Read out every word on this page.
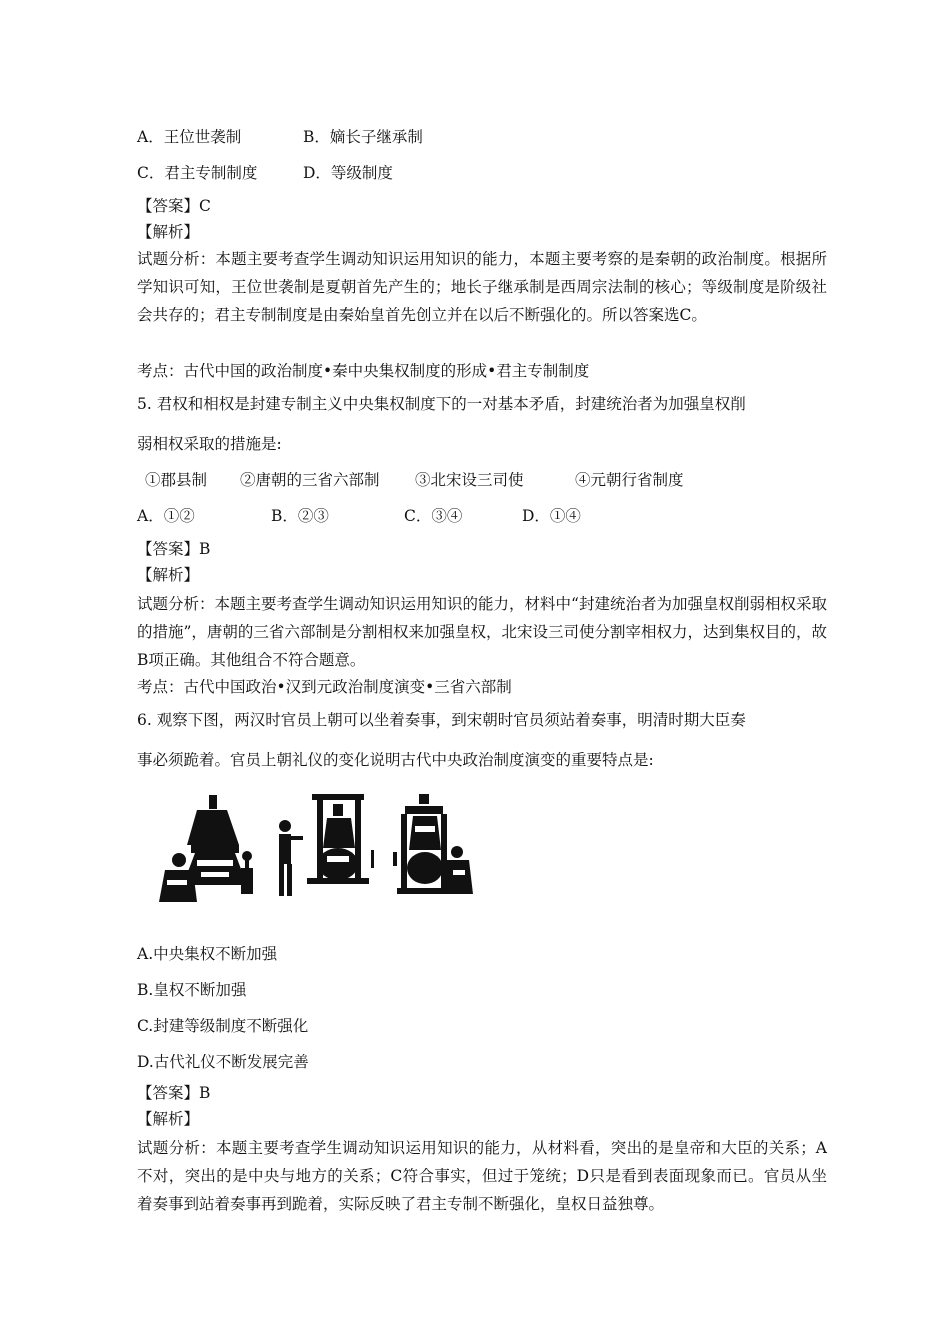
A．王位世袭制	B．嫡长子继承制
C．君主专制制度	D．等级制度
【答案】C
【解析】
试题分析：本题主要考查学生调动知识运用知识的能力，本题主要考察的是秦朝的政治制度。根据所学知识可知，王位世袭制是夏朝首先产生的；地长子继承制是西周宗法制的核心；等级制度是阶级社会共存的；君主专制制度是由秦始皇首先创立并在以后不断强化的。所以答案选C。
考点：古代中国的政治制度•秦中央集权制度的形成•君主专制制度
5. 君权和相权是封建专制主义中央集权制度下的一对基本矛盾，封建统治者为加强皇权削
弱相权采取的措施是:
①郡县制 ②唐朝的三省六部制 ③北宋设三司使	④元朝行省制度
A．①②	B．②③	C．③④	D．①④
【答案】B
【解析】
试题分析：本题主要考查学生调动知识运用知识的能力，材料中“封建统治者为加强皇权削弱相权采取的措施”，唐朝的三省六部制是分割相权来加强皇权，北宋设三司使分割宰相权力，达到集权目的，故B项正确。其他组合不符合题意。
考点：古代中国政治•汉到元政治制度演变•三省六部制
6. 观察下图，两汉时官员上朝可以坐着奏事，到宋朝时官员须站着奏事，明清时期大臣奏
事必须跪着。官员上朝礼仪的变化说明古代中央政治制度演变的重要特点是:
A.中央集权不断加强
B.皇权不断加强
C.封建等级制度不断强化
D.古代礼仪不断发展完善
【答案】B
【解析】
试题分析：本题主要考查学生调动知识运用知识的能力，从材料看，突出的是皇帝和大臣的关系；A不对，突出的是中央与地方的关系；C符合事实，但过于笼统；D只是看到表面现象而已。官员从坐着奏事到站着奏事再到跪着，实际反映了君主专制不断强化，皇权日益独尊。
